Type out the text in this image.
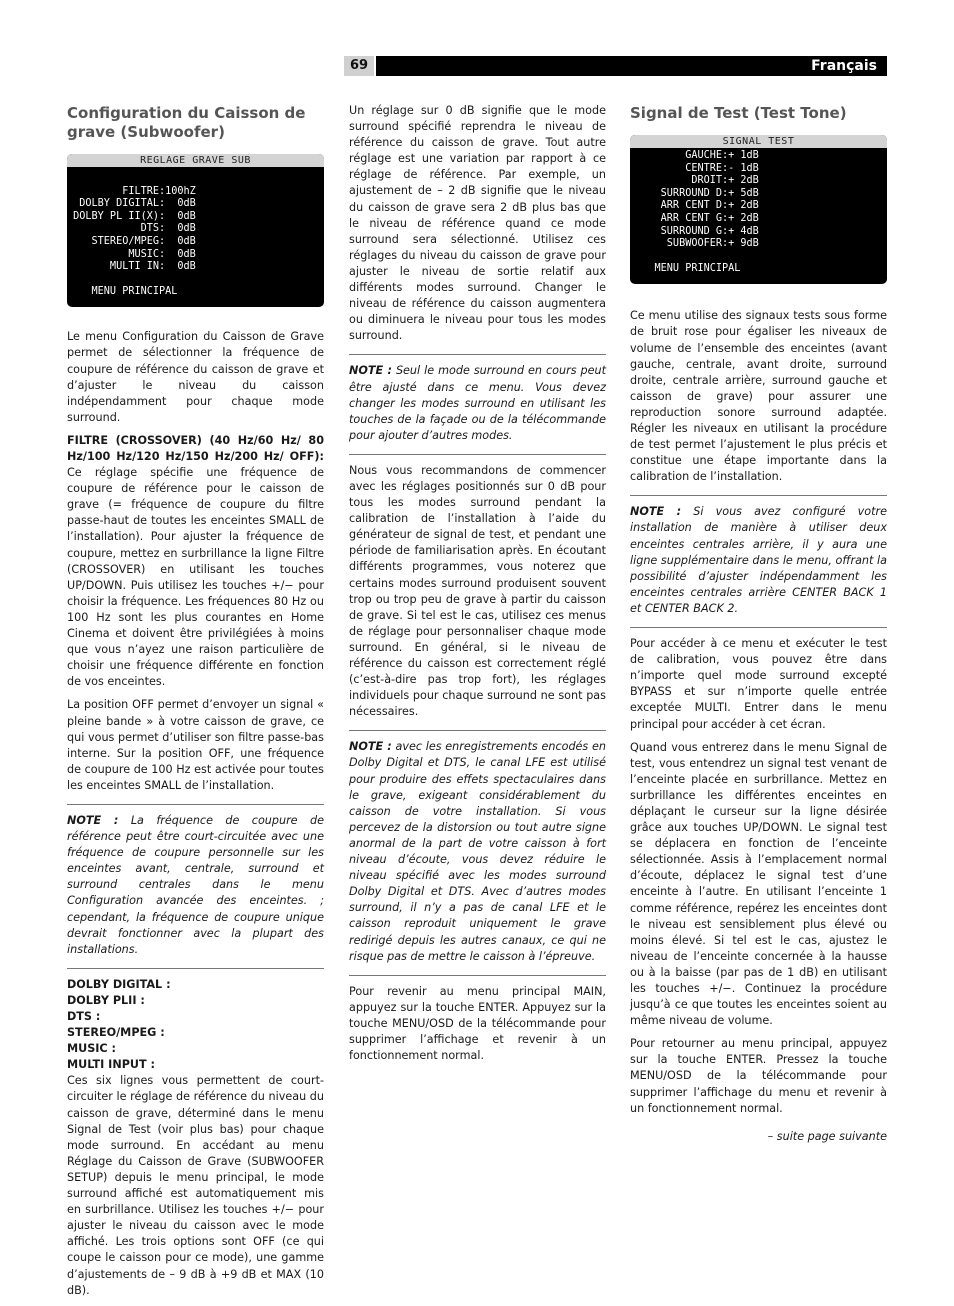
69	Français
Configuration du Caisson de grave (Subwoofer)
REGLAGE GRAVE SUB
FILTRE:100hZ
DOLBY DIGITAL:  0dB
DOLBY PL II(X):  0dB
DTS:  0dB
STEREO/MPEG:  0dB
MUSIC:  0dB
MULTI IN:  0dB
MENU PRINCIPAL

Le menu Configuration du Caisson de Grave permet de sélectionner la fréquence de coupure de référence du caisson de grave et d’ajuster le niveau du caisson indépendamment pour chaque mode surround.

FILTRE (CROSSOVER) (40 Hz/60 Hz/ 80 Hz/100 Hz/120 Hz/150 Hz/200 Hz/ OFF): Ce réglage spécifie une fréquence de coupure de référence pour le caisson de grave (= fréquence de coupure du filtre passe-haut de toutes les enceintes SMALL de l’installation). Pour ajuster la fréquence de coupure, mettez en surbrillance la ligne Filtre (CROSSOVER) en utilisant les touches UP/DOWN. Puis utilisez les touches +/− pour choisir la fréquence. Les fréquences 80 Hz ou 100 Hz sont les plus courantes en Home Cinema et doivent être privilégiées à moins que vous n’ayez une raison particulière de choisir une fréquence différente en fonction de vos enceintes.

La position OFF permet d’envoyer un signal « pleine bande » à votre caisson de grave, ce qui vous permet d’utiliser son filtre passe-bas interne. Sur la position OFF, une fréquence de coupure de 100 Hz est activée pour toutes les enceintes SMALL de l’installation.

NOTE : La fréquence de coupure de référence peut être court-circuitée avec une fréquence de coupure personnelle sur les enceintes avant, centrale, surround et surround centrales dans le menu Configuration avancée des enceintes. ; cependant, la fréquence de coupure unique devrait fonctionner avec la plupart des installations.

DOLBY DIGITAL :

DOLBY PLII :

DTS :

STEREO/MPEG :

MUSIC :

MULTI INPUT :

Ces six lignes vous permettent de court-circuiter le réglage de référence du niveau du caisson de grave, déterminé dans le menu Signal de Test (voir plus bas) pour chaque mode surround. En accédant au menu Réglage du Caisson de Grave (SUBWOOFER SETUP) depuis le menu principal, le mode surround affiché est automatiquement mis en surbrillance. Utilisez les touches +/− pour ajuster le niveau du caisson avec le mode affiché. Les trois options sont OFF (ce qui coupe le caisson pour ce mode), une gamme d’ajustements de – 9 dB à +9 dB et MAX (10 dB).

Un réglage sur 0 dB signifie que le mode surround spécifié reprendra le niveau de référence du caisson de grave. Tout autre réglage est une variation par rapport à ce réglage de référence. Par exemple, un ajustement de – 2 dB signifie que le niveau du caisson de grave sera 2 dB plus bas que le niveau de référence quand ce mode surround sera sélectionné. Utilisez ces réglages du niveau du caisson de grave pour ajuster le niveau de sortie relatif aux différents modes surround. Changer le niveau de référence du caisson augmentera ou diminuera le niveau pour tous les modes surround.

NOTE : Seul le mode surround en cours peut être ajusté dans ce menu. Vous devez changer les modes surround en utilisant les touches de la façade ou de la télécommande pour ajouter d’autres modes.

Nous vous recommandons de commencer avec les réglages positionnés sur 0 dB pour tous les modes surround pendant la calibration de l’installation à l’aide du générateur de signal de test, et pendant une période de familiarisation après. En écoutant différents programmes, vous noterez que certains modes surround produisent souvent trop ou trop peu de grave à partir du caisson de grave. Si tel est le cas, utilisez ces menus de réglage pour personnaliser chaque mode surround. En général, si le niveau de référence du caisson est correctement réglé (c’est-à-dire pas trop fort), les réglages individuels pour chaque surround ne sont pas nécessaires.

NOTE : avec les enregistrements encodés en Dolby Digital et DTS, le canal LFE est utilisé pour produire des effets spectaculaires dans le grave, exigeant considérablement du caisson de votre installation. Si vous percevez de la distorsion ou tout autre signe anormal de la part de votre caisson à fort niveau d’écoute, vous devez réduire le niveau spécifié avec les modes surround Dolby Digital et DTS. Avec d’autres modes surround, il n’y a pas de canal LFE et le caisson reproduit uniquement le grave redirigé depuis les autres canaux, ce qui ne risque pas de mettre le caisson à l’épreuve.

Pour revenir au menu principal MAIN, appuyez sur la touche ENTER. Appuyez sur la touche MENU/OSD de la télécommande pour supprimer l’affichage et revenir à un fonctionnement normal.

Signal de Test (Test Tone)
SIGNAL TEST
GAUCHE:+ 1dB
CENTRE:- 1dB
DROIT:+ 2dB
SURROUND D:+ 5dB
ARR CENT D:+ 2dB
ARR CENT G:+ 2dB
SURROUND G:+ 4dB
SUBWOOFER:+ 9dB
MENU PRINCIPAL

Ce menu utilise des signaux tests sous forme de bruit rose pour égaliser les niveaux de volume de l’ensemble des enceintes (avant gauche, centrale, avant droite, surround droite, centrale arrière, surround gauche et caisson de grave) pour assurer une reproduction sonore surround adaptée. Régler les niveaux en utilisant la procédure de test permet l’ajustement le plus précis et constitue une étape importante dans la calibration de l’installation.

NOTE : Si vous avez configuré votre installation de manière à utiliser deux enceintes centrales arrière, il y aura une ligne supplémentaire dans le menu, offrant la possibilité d’ajuster indépendamment les enceintes centrales arrière CENTER BACK 1 et CENTER BACK 2.

Pour accéder à ce menu et exécuter le test de calibration, vous pouvez être dans n’importe quel mode surround excepté BYPASS et sur n’importe quelle entrée exceptée MULTI. Entrer dans le menu principal pour accéder à cet écran.

Quand vous entrerez dans le menu Signal de test, vous entendrez un signal test venant de l’enceinte placée en surbrillance. Mettez en surbrillance les différentes enceintes en déplaçant le curseur sur la ligne désirée grâce aux touches UP/DOWN. Le signal test se déplacera en fonction de l’enceinte sélectionnée. Assis à l’emplacement normal d’écoute, déplacez le signal test d’une enceinte à l’autre. En utilisant l’enceinte 1 comme référence, repérez les enceintes dont le niveau est sensiblement plus élevé ou moins élevé. Si tel est le cas, ajustez le niveau de l’enceinte concernée à la hausse ou à la baisse (par pas de 1 dB) en utilisant les touches +/−. Continuez la procédure jusqu’à ce que toutes les enceintes soient au même niveau de volume.

Pour retourner au menu principal, appuyez sur la touche ENTER. Pressez la touche MENU/OSD de la télécommande pour supprimer l’affichage du menu et revenir à un fonctionnement normal.

– suite page suivante
